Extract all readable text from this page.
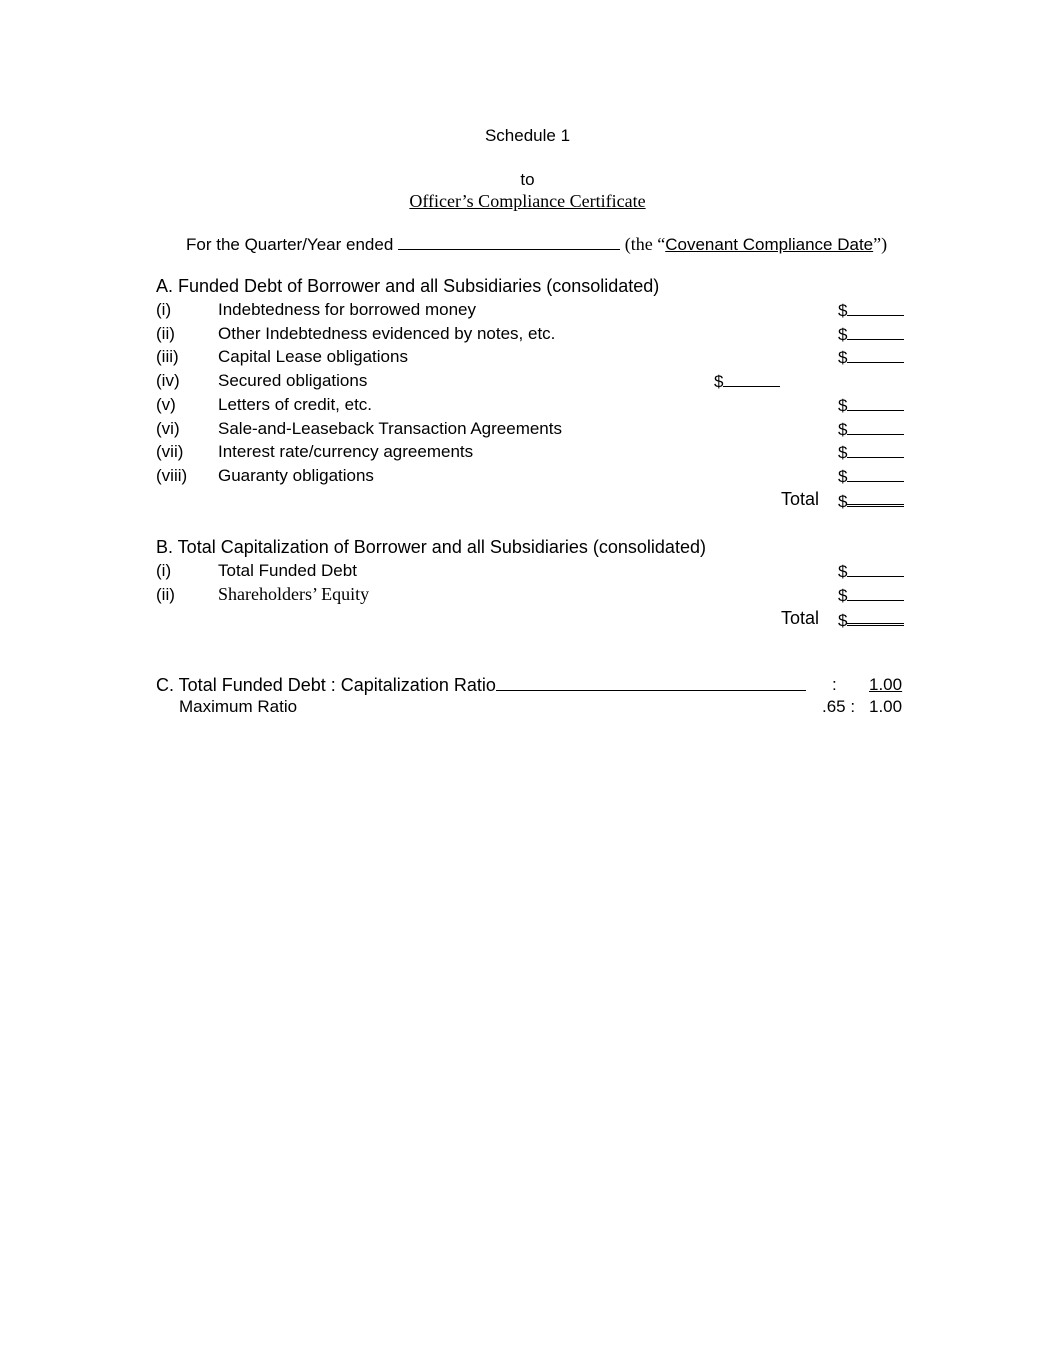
Schedule 1
to
Officer’s Compliance Certificate
For the Quarter/Year ended	(the “Covenant Compliance Date”)
A. Funded Debt of Borrower and all Subsidiaries (consolidated)
(i)	Indebtedness for borrowed money	$
(ii)	Other Indebtedness evidenced by notes, etc.	$
(iii) Capital Lease obligations	$
(iv) Secured obligations	$
(v) Letters of credit, etc.	$
(vi) Sale-and-Leaseback Transaction Agreements	$
(vii) Interest rate/currency agreements	$
(viii) Guaranty obligations	$
Total $
B. Total Capitalization of Borrower and all Subsidiaries (consolidated)
(i)	Total Funded Debt	$
(ii) Shareholders’ Equity	$
Total $
C. Total Funded Debt : Capitalization Ratio	: 1.00
Maximum Ratio	.65 : 1.00
